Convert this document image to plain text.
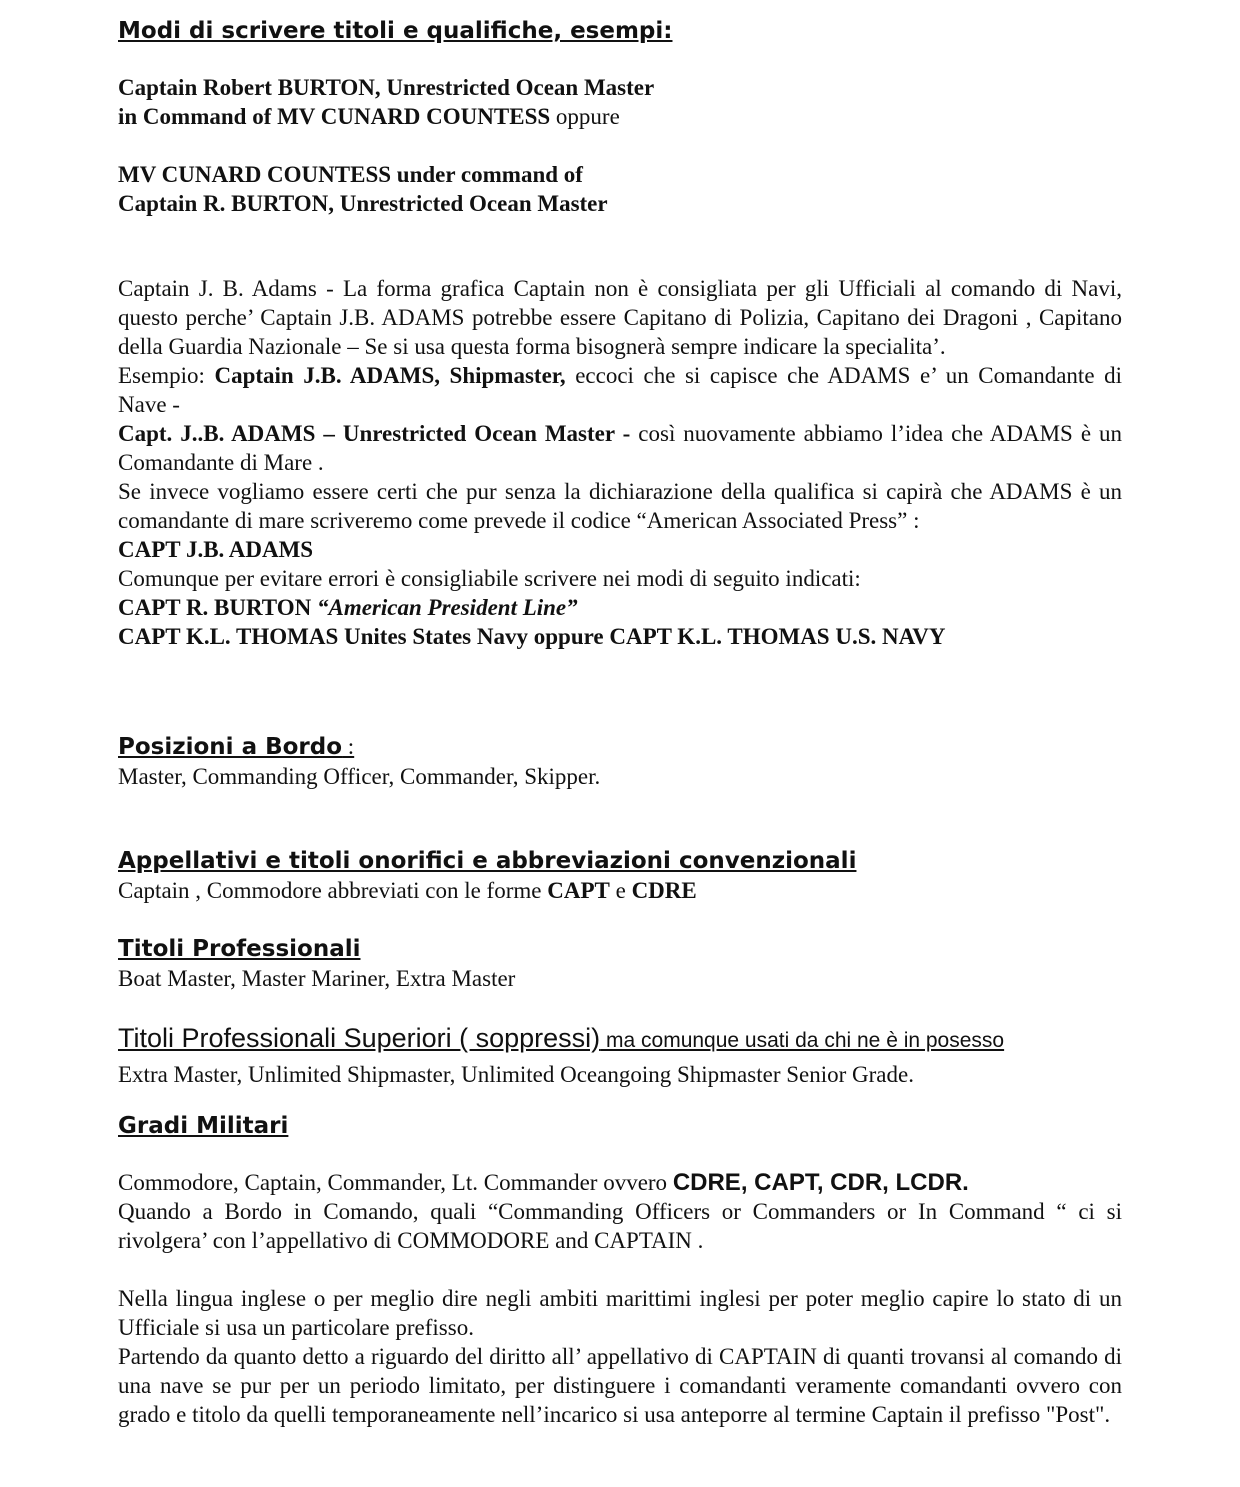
Modi di scrivere titoli e qualifiche, esempi:
Captain Robert BURTON, Unrestricted Ocean Master
in Command of MV CUNARD COUNTESS oppure
MV CUNARD COUNTESS under command of
Captain R. BURTON, Unrestricted Ocean Master
Captain J. B. Adams - La forma grafica Captain non è consigliata per gli Ufficiali al comando di Navi, questo perche’ Captain J.B. ADAMS potrebbe essere Capitano di Polizia, Capitano dei Dragoni , Capitano della Guardia Nazionale – Se si usa questa forma bisognerà sempre indicare la specialita’.
Esempio: Captain J.B. ADAMS, Shipmaster, eccoci che si capisce che ADAMS e’ un Comandante di Nave -
Capt. J..B. ADAMS – Unrestricted Ocean Master - così nuovamente abbiamo l’idea che ADAMS è un Comandante di Mare .
Se invece vogliamo essere certi che pur senza la dichiarazione della qualifica si capirà che ADAMS è un comandante di mare scriveremo come prevede il codice “American Associated Press” :
CAPT J.B. ADAMS
Comunque per evitare errori è consigliabile scrivere nei modi di seguito indicati:
CAPT R. BURTON “American President Line”
CAPT K.L. THOMAS Unites States Navy oppure CAPT K.L. THOMAS U.S. NAVY
Posizioni a Bordo :
Master, Commanding Officer, Commander, Skipper.
Appellativi e titoli onorifici e abbreviazioni convenzionali
Captain , Commodore abbreviati con le forme CAPT e CDRE
Titoli Professionali
Boat Master, Master Mariner, Extra Master
Titoli Professionali Superiori ( soppressi) ma comunque usati da chi ne è in posesso
Extra Master, Unlimited Shipmaster, Unlimited Oceangoing Shipmaster Senior Grade.
Gradi Militari
Commodore, Captain, Commander, Lt. Commander ovvero CDRE, CAPT, CDR, LCDR.
Quando a Bordo in Comando, quali “Commanding Officers or Commanders or In Command “ ci si rivolgera’ con l’appellativo di COMMODORE and CAPTAIN .
Nella lingua inglese o per meglio dire negli ambiti marittimi inglesi per poter meglio capire lo stato di un Ufficiale si usa un particolare prefisso.
Partendo da quanto detto a riguardo del diritto all’ appellativo di CAPTAIN di quanti trovansi al comando di una nave se pur per un periodo limitato, per distinguere i comandanti veramente comandanti ovvero con grado e titolo da quelli temporaneamente nell’incarico si usa anteporre al termine Captain il prefisso "Post".
